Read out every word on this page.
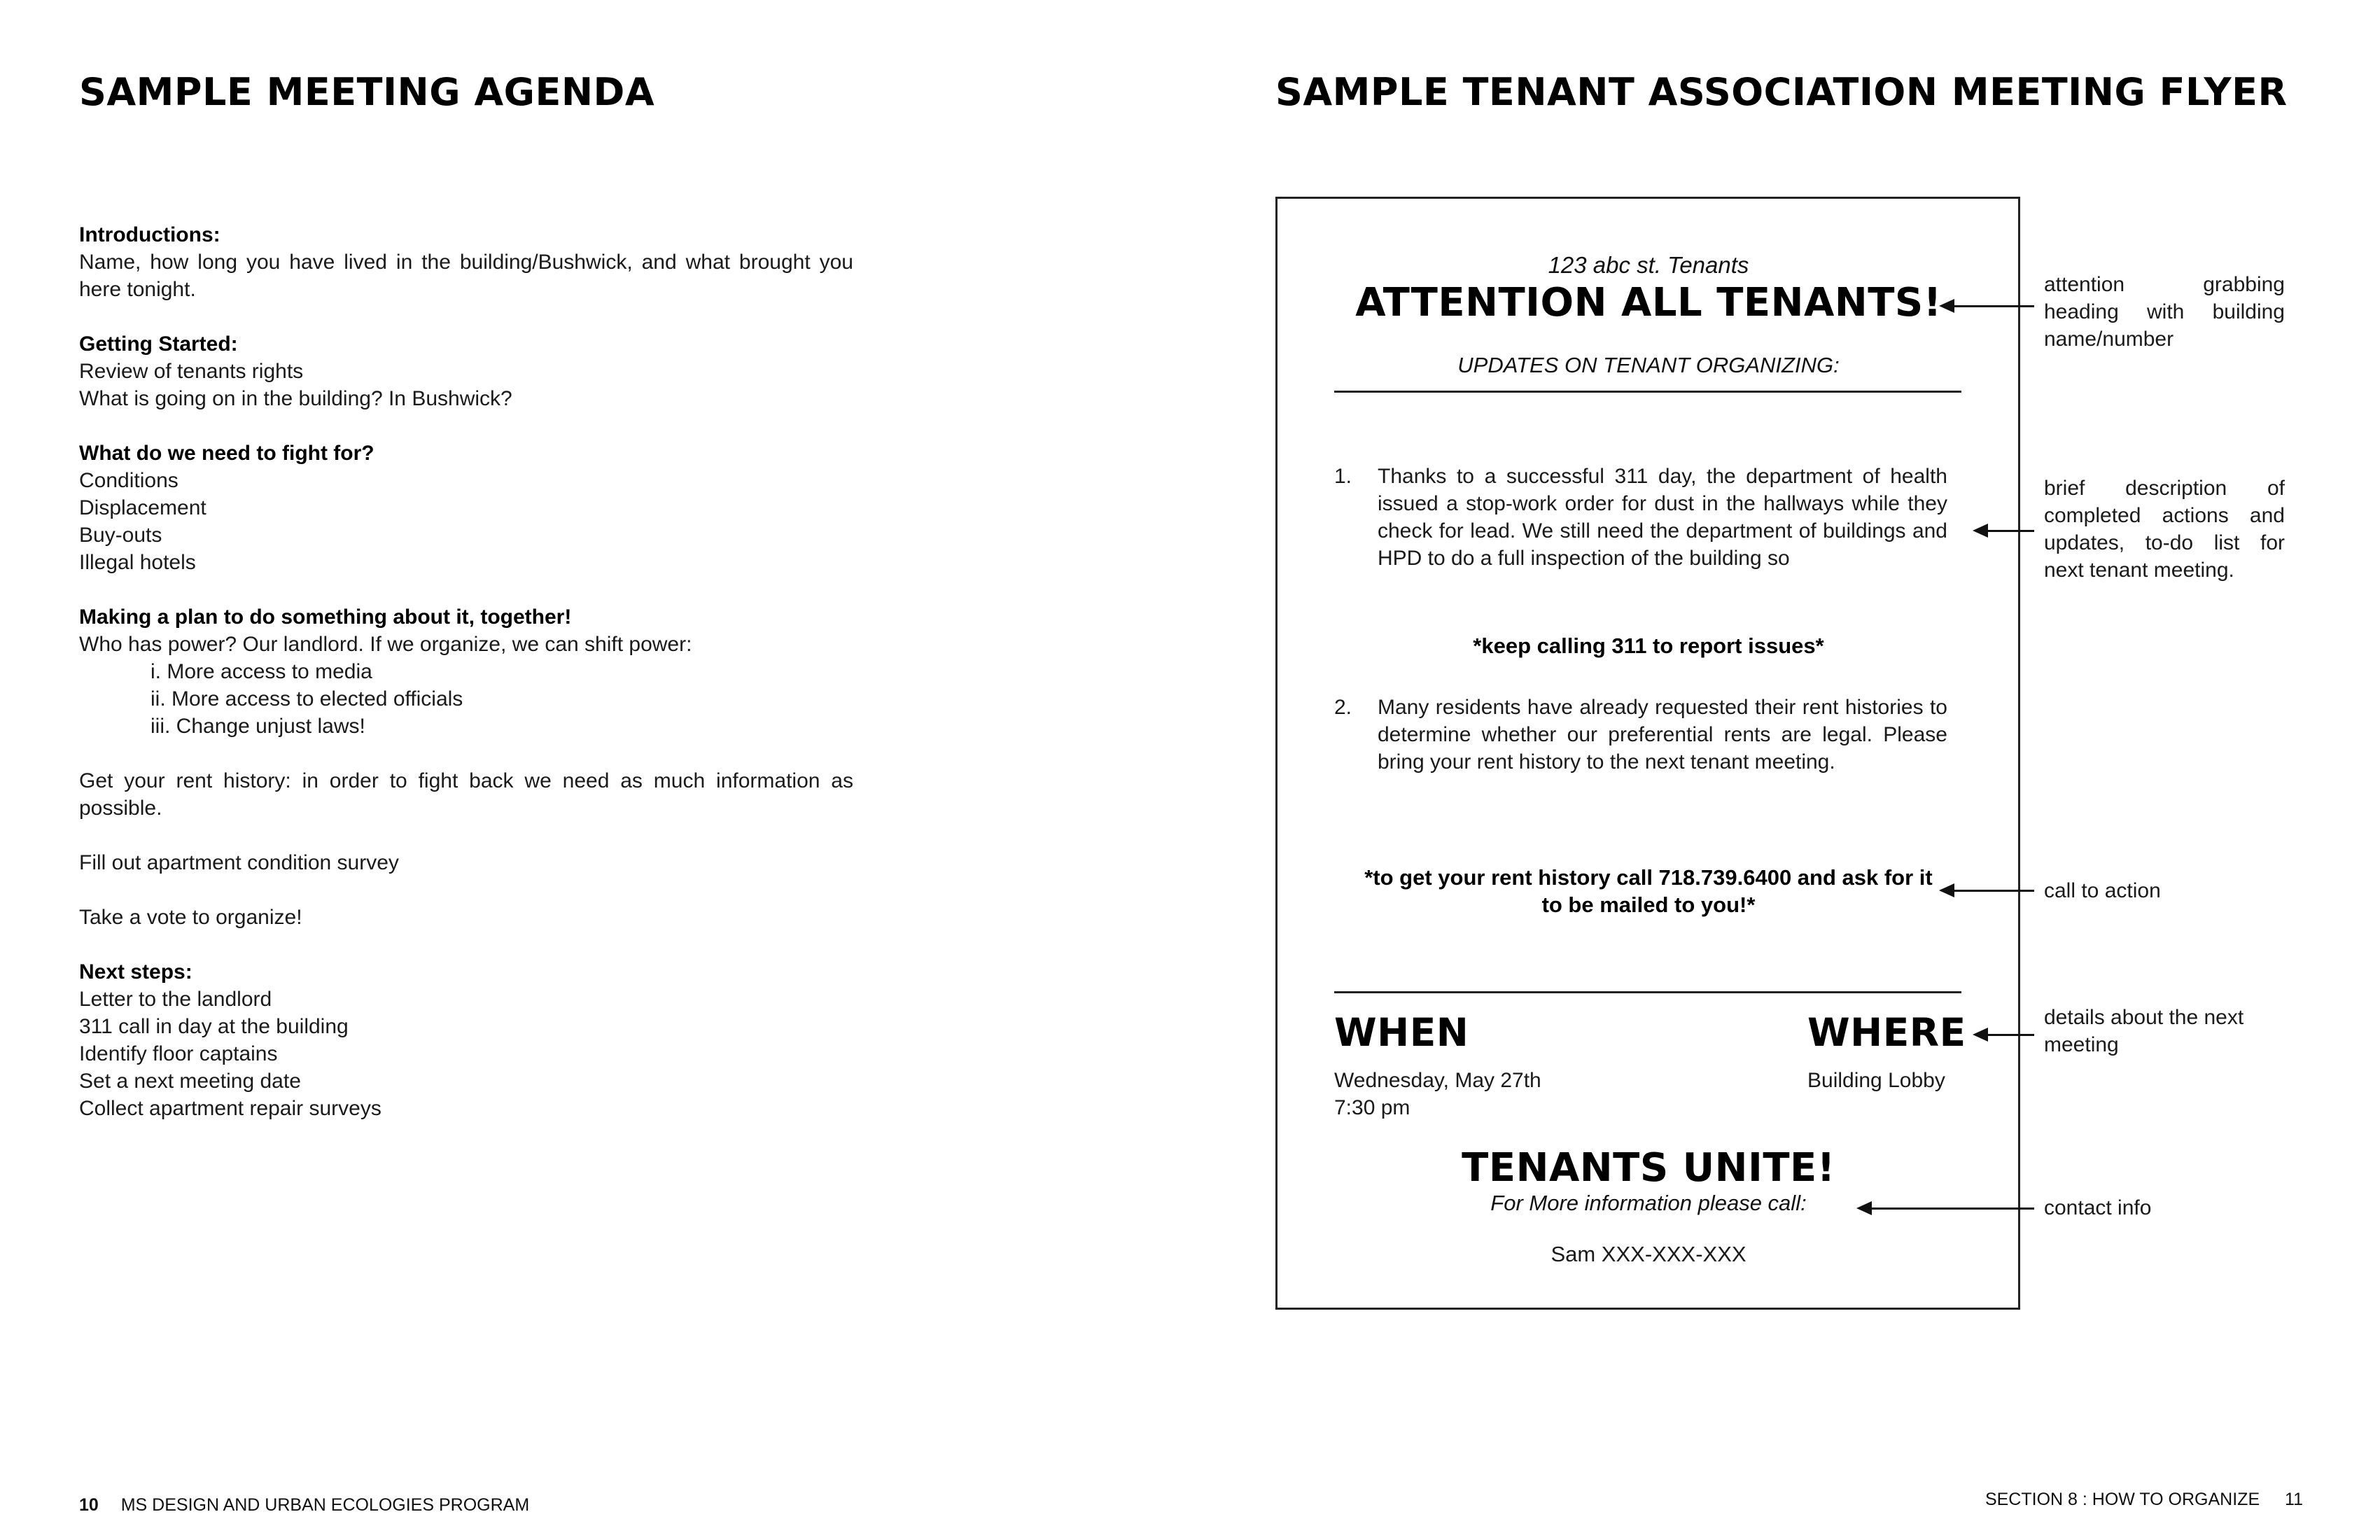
SAMPLE MEETING AGENDA
Introductions:
Name, how long you have lived in the building/Bushwick, and what brought you here tonight.
Getting Started:
Review of tenants rights
What is going on in the building? In Bushwick?
What do we need to fight for?
Conditions
Displacement
Buy-outs
Illegal hotels
Making a plan to do something about it, together!
Who has power? Our landlord. If we organize, we can shift power:
i. More access to media
ii. More access to elected officials
iii. Change unjust laws!
Get your rent history: in order to fight back we need as much information as possible.
Fill out apartment condition survey
Take a vote to organize!
Next steps:
Letter to the landlord
311 call in day at the building
Identify floor captains
Set a next meeting date
Collect apartment repair surveys
10 MS DESIGN AND URBAN ECOLOGIES PROGRAM
SAMPLE TENANT ASSOCIATION MEETING FLYER
123 abc st. Tenants
ATTENTION ALL TENANTS!
UPDATES ON TENANT ORGANIZING:
1.	Thanks to a successful 311 day, the department of health issued a stop-work order for dust in the hallways while they check for lead. We still need the department of buildings and HPD to do a full inspection of the building so
*keep calling 311 to report issues*
2.	Many residents have already requested their rent histories to determine whether our preferential rents are legal. Please bring your rent history to the next tenant meeting.
*to get your rent history call 718.739.6400 and ask for it to be mailed to you!*
WHEN
Wednesday, May 27th
7:30 pm
WHERE
Building Lobby
TENANTS UNITE!
For More information please call:
Sam XXX-XXX-XXX
attention grabbing heading with building name/number
brief description of completed actions and updates, to-do list for next tenant meeting.
call to action
details about the next meeting
contact info
SECTION 8 : HOW TO ORGANIZE 11
